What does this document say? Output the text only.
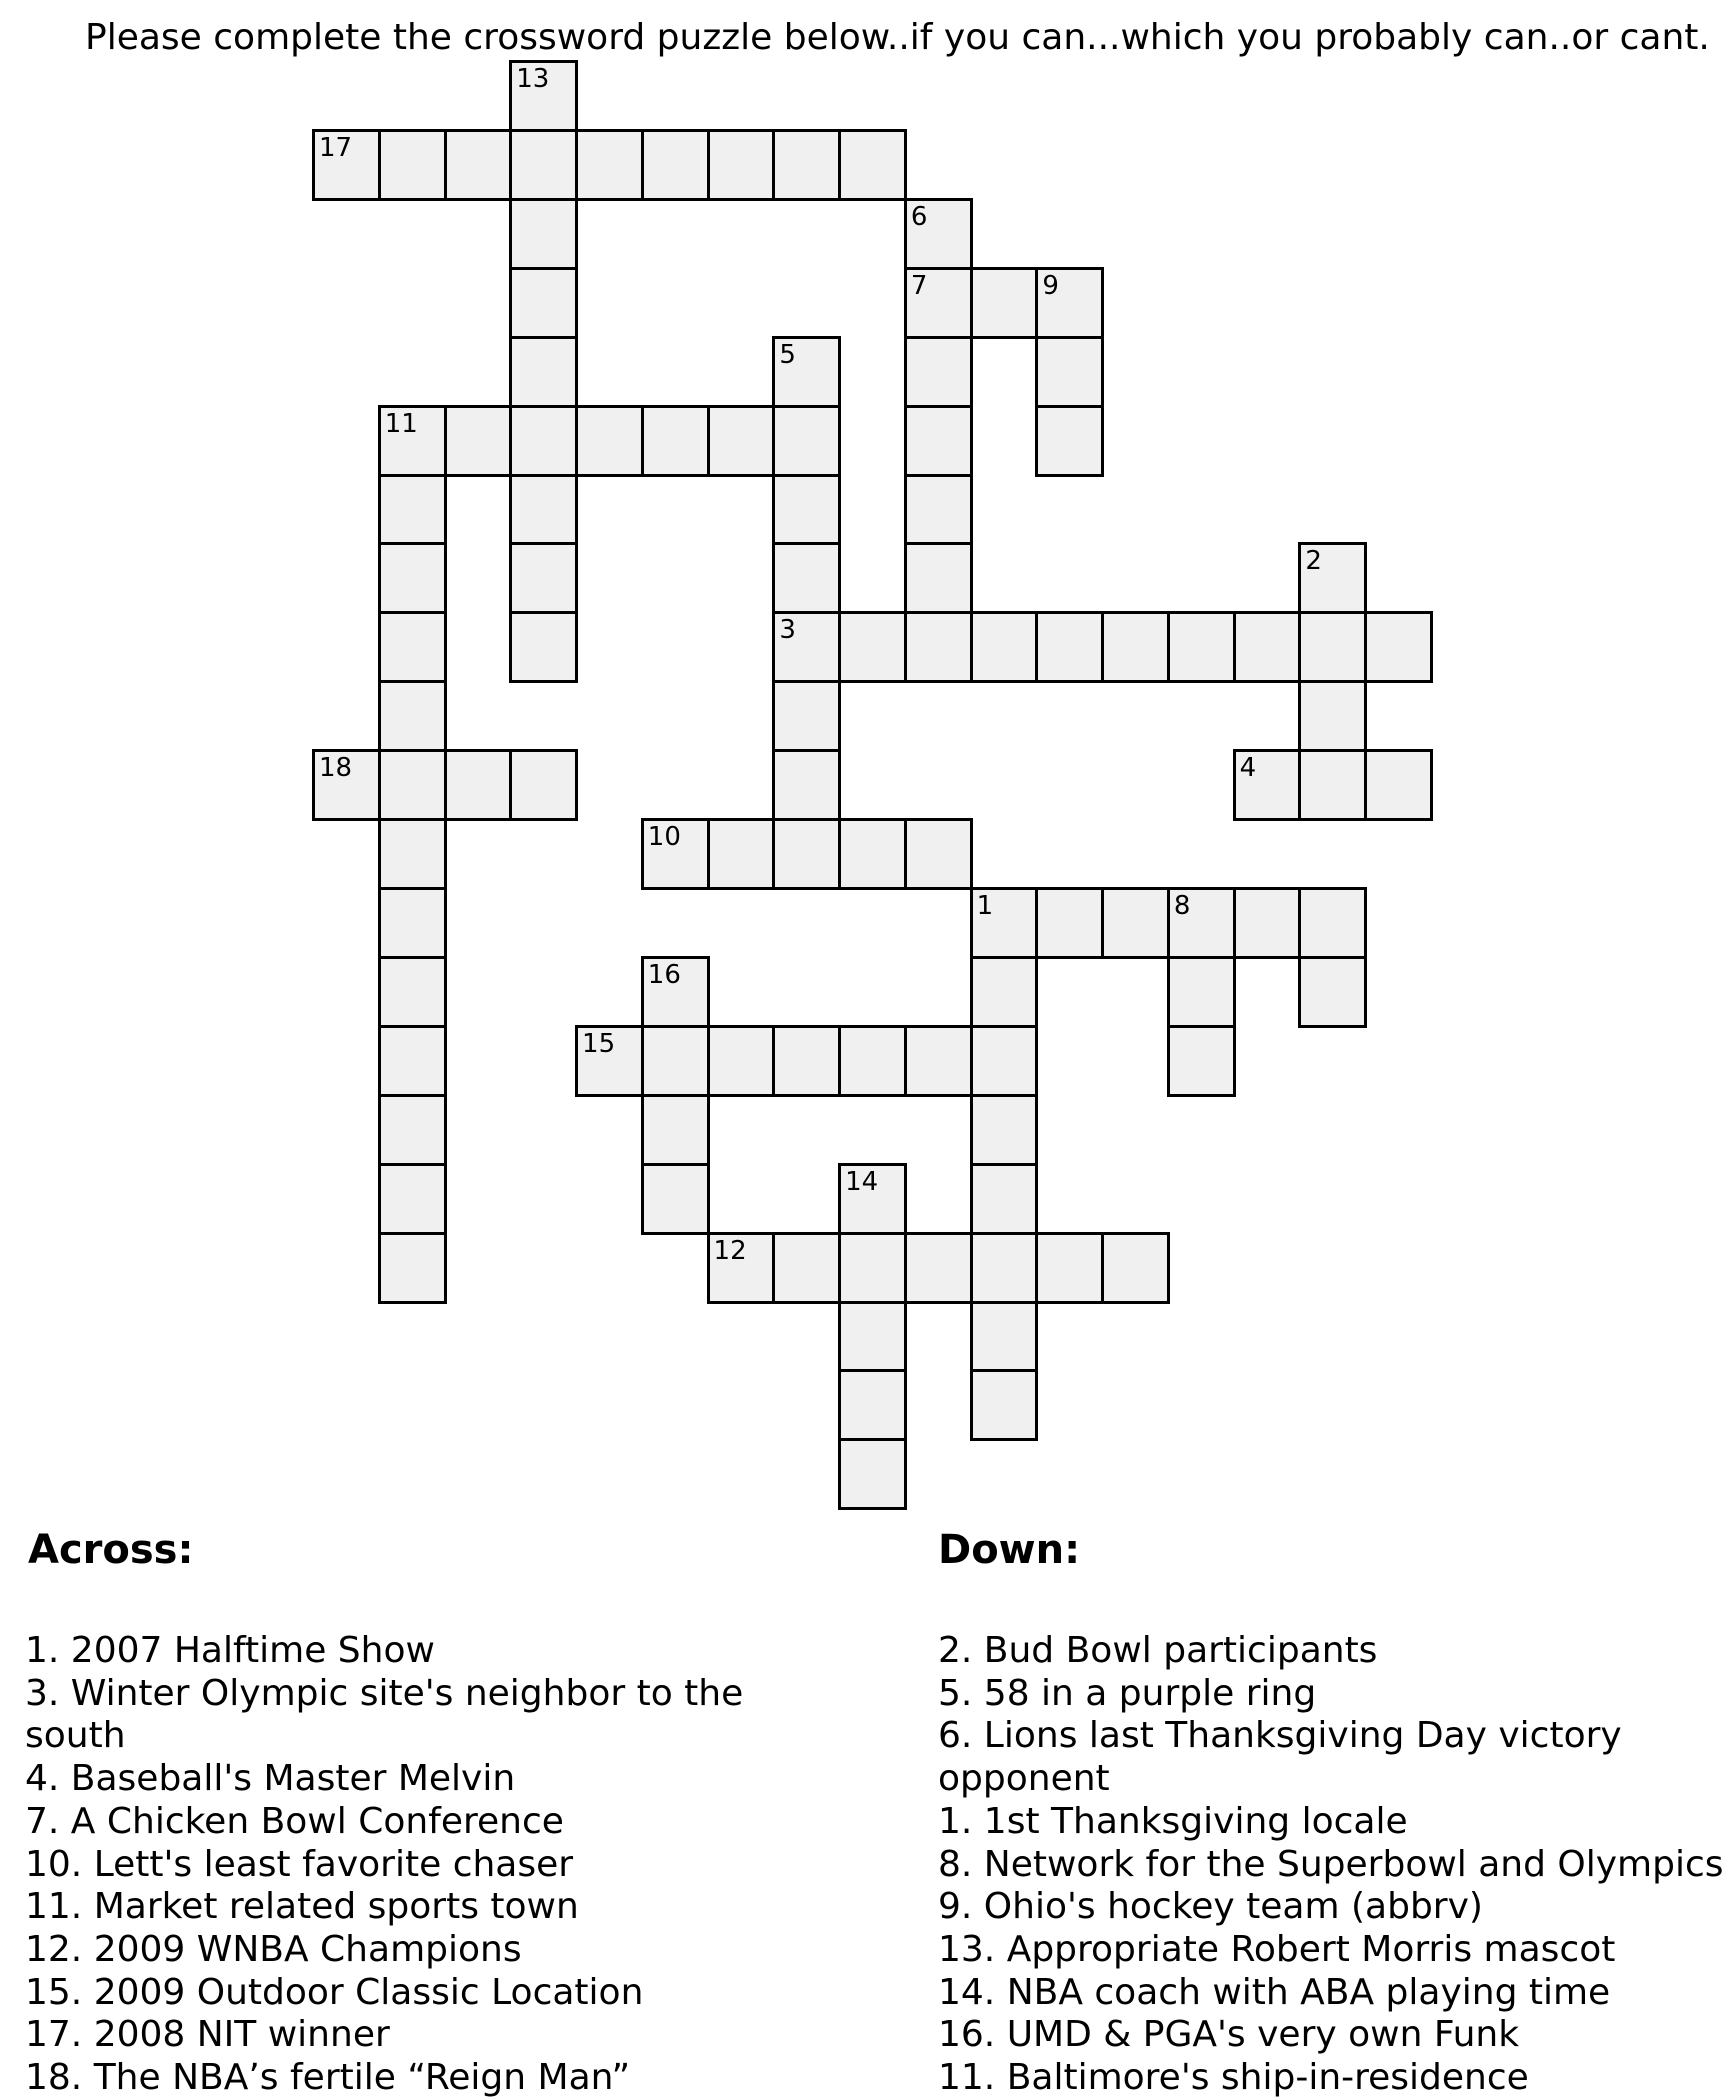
Please complete the crossword puzzle below..if you can...which you probably can..or cant.
13
17
6
7	9
5
11
2
3
18	4
10
1	8
16
15
14
12
Across:
1. 2007 Halftime Show
3. Winter Olympic site's neighbor to the south
4. Baseball's Master Melvin
7. A Chicken Bowl Conference
10. Lett's least favorite chaser
11. Market related sports town
12. 2009 WNBA Champions
15. 2009 Outdoor Classic Location
17. 2008 NIT winner
18. The NBA’s fertile “Reign Man”
Down:
2. Bud Bowl participants
5. 58 in a purple ring
6. Lions last Thanksgiving Day victory opponent
1. 1st Thanksgiving locale
8. Network for the Superbowl and Olympics
9. Ohio's hockey team (abbrv)
13. Appropriate Robert Morris mascot
14. NBA coach with ABA playing time
16. UMD & PGA's very own Funk
11. Baltimore's ship-in-residence
